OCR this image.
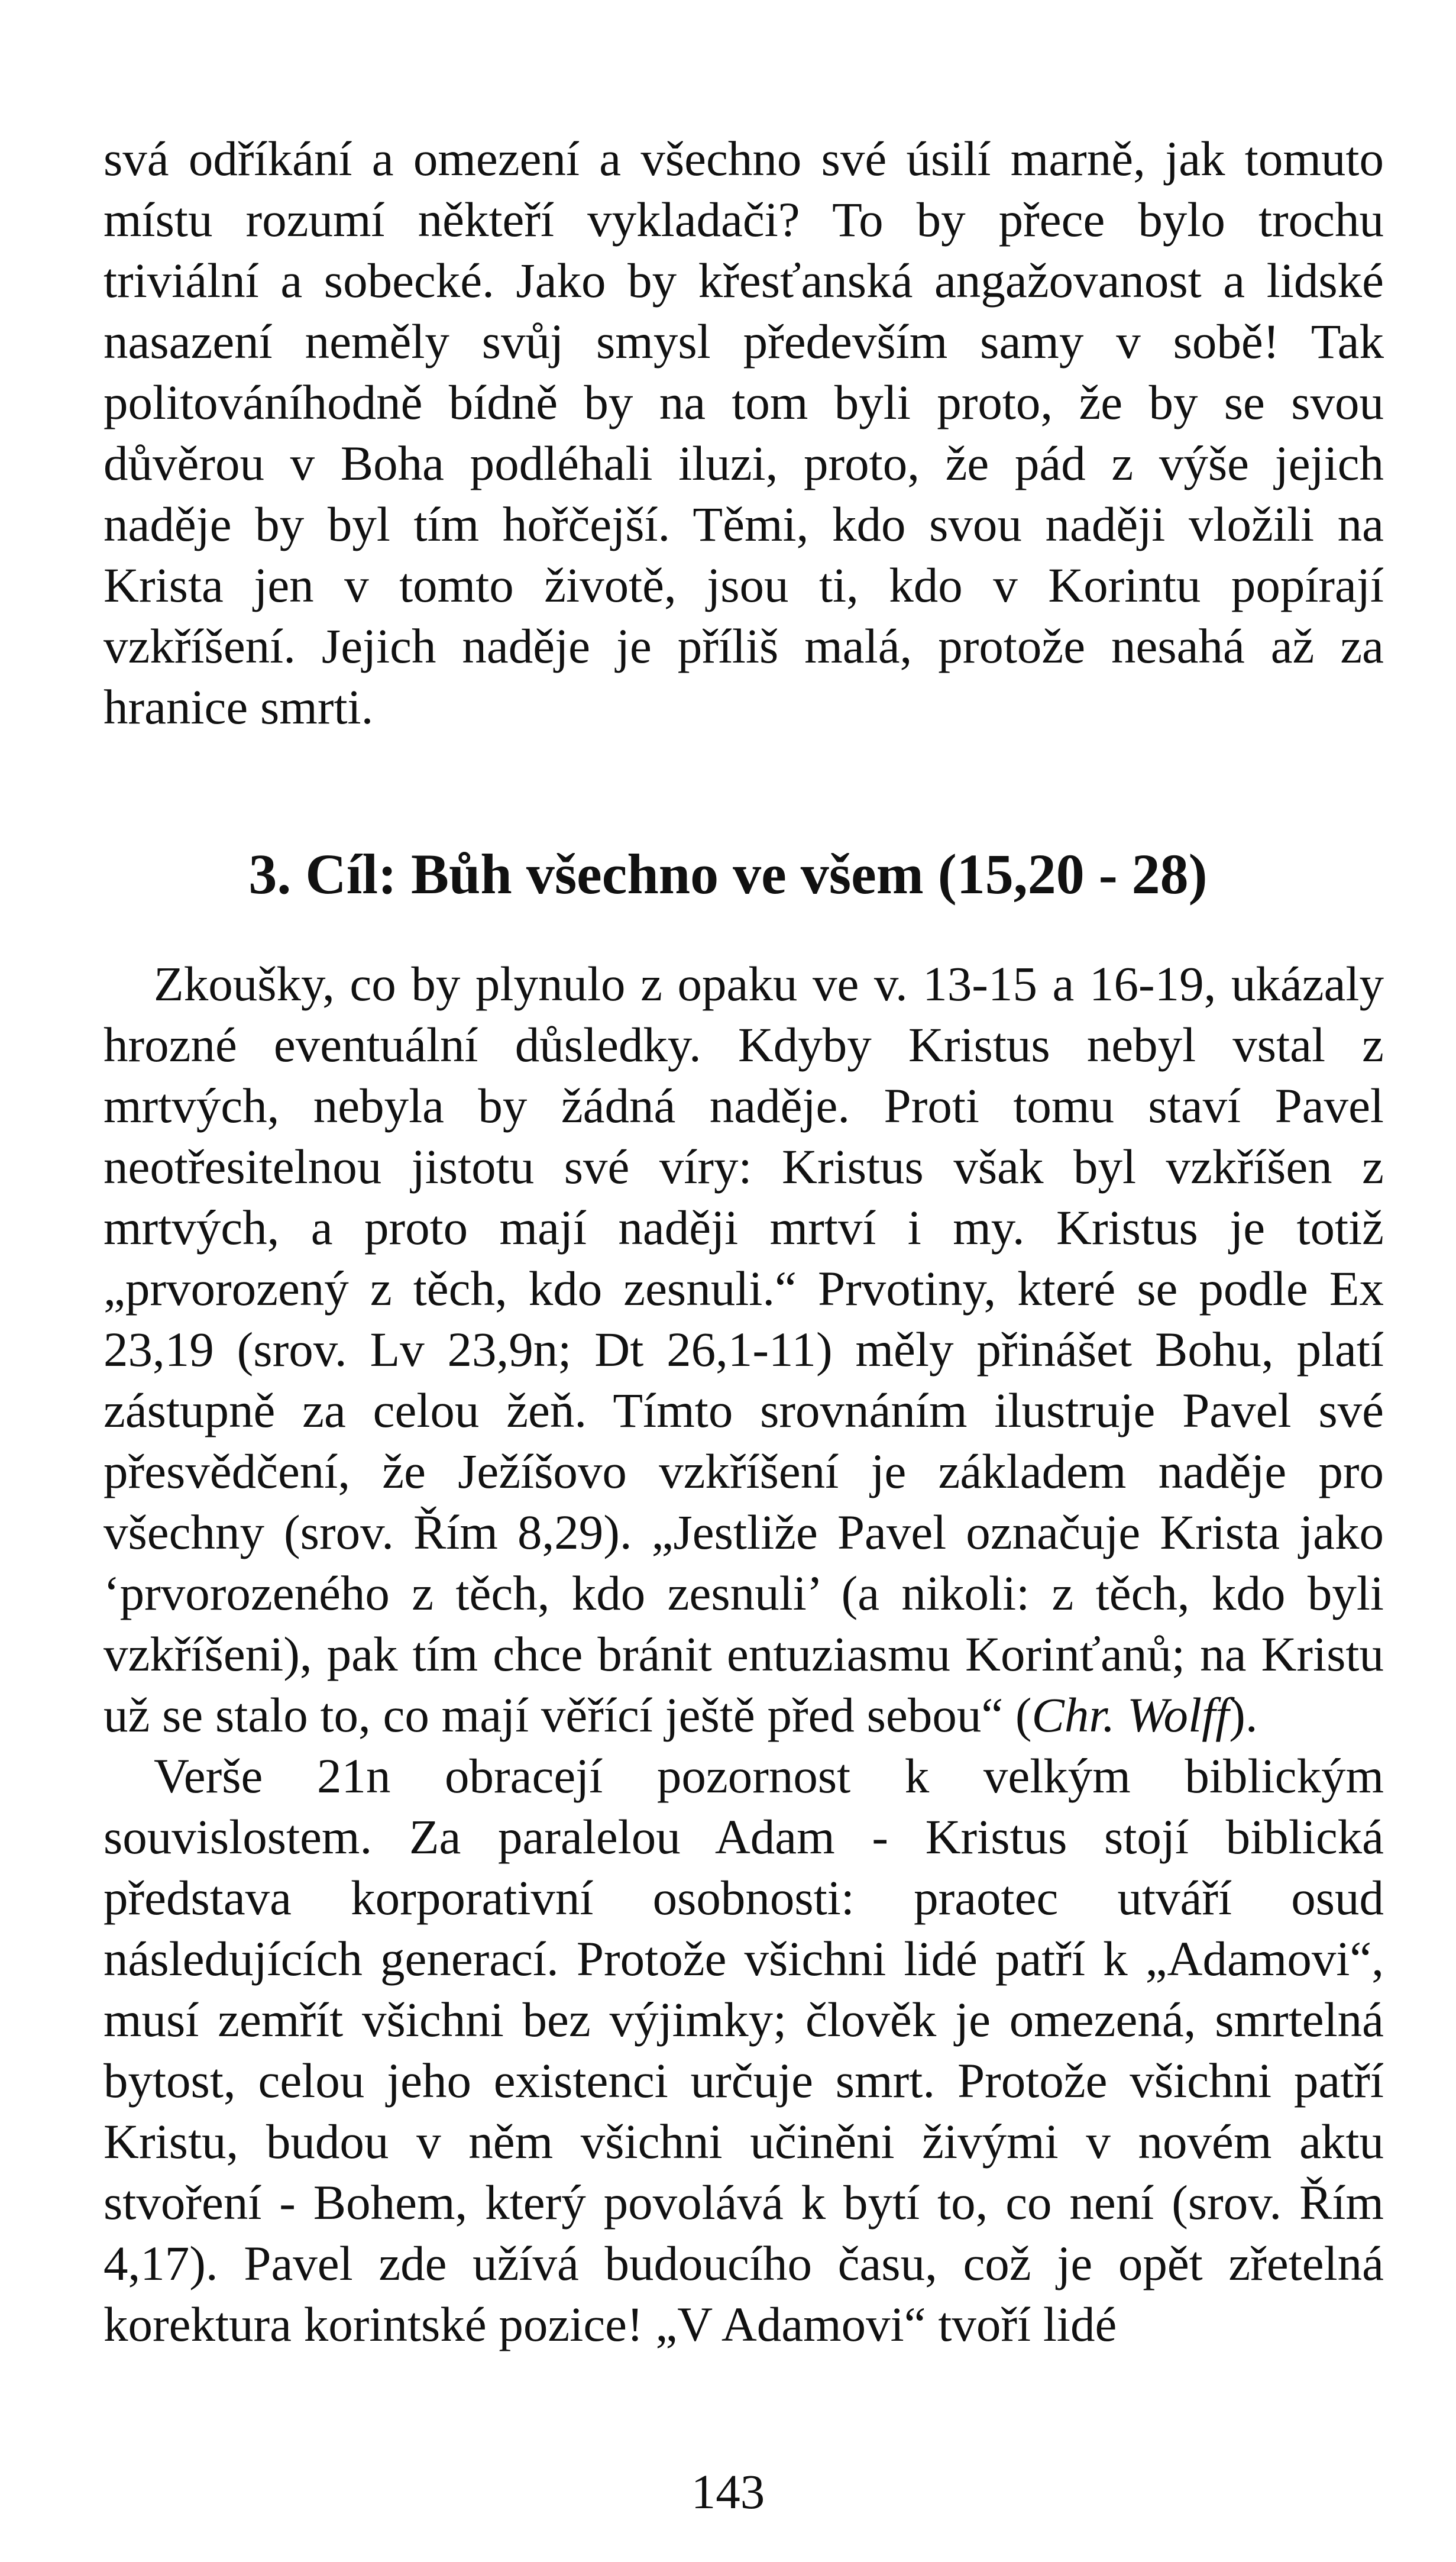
svá odříkání a omezení a všechno své úsilí marně, jak tomuto místu rozumí někteří vykladači? To by přece bylo trochu triviální a sobecké. Jako by křesťanská angažovanost a lidské nasazení neměly svůj smysl především samy v sobě! Tak politováníhodně bídně by na tom byli proto, že by se svou důvěrou v Boha podléhali iluzi, proto, že pád z výše jejich naděje by byl tím hořčejší. Těmi, kdo svou naději vložili na Krista jen v tomto životě, jsou ti, kdo v Korintu popírají vzkříšení. Jejich naděje je příliš malá, protože nesahá až za hranice smrti.

3. Cíl: Bůh všechno ve všem (15,20 - 28)

Zkoušky, co by plynulo z opaku ve v. 13-15 a 16-19, ukázaly hrozné eventuální důsledky. Kdyby Kristus nebyl vstal z mrtvých, nebyla by žádná naděje. Proti tomu staví Pavel neotřesitelnou jistotu své víry: Kristus však byl vzkříšen z mrtvých, a proto mají naději mrtví i my. Kristus je totiž „prvorozený z těch, kdo zesnuli.“ Prvotiny, které se podle Ex 23,19 (srov. Lv 23,9n; Dt 26,1-11) měly přinášet Bohu, platí zástupně za celou žeň. Tímto srovnáním ilustruje Pavel své přesvědčení, že Ježíšovo vzkříšení je základem naděje pro všechny (srov. Řím 8,29). „Jestliže Pavel označuje Krista jako ‘prvorozeného z těch, kdo zesnuli’ (a nikoli: z těch, kdo byli vzkříšeni), pak tím chce bránit entuziasmu Korinťanů; na Kristu už se stalo to, co mají věřící ještě před sebou“ (Chr. Wolff).

Verše 21n obracejí pozornost k velkým biblickým souvislostem. Za paralelou Adam - Kristus stojí biblická představa korporativní osobnosti: praotec utváří osud následujících generací. Protože všichni lidé patří k „Adamovi“, musí zemřít všichni bez výjimky; člověk je omezená, smrtelná bytost, celou jeho existenci určuje smrt. Protože všichni patří Kristu, budou v něm všichni učiněni živými v novém aktu stvoření - Bohem, který povolává k bytí to, co není (srov. Řím 4,17). Pavel zde užívá budoucího času, což je opět zřetelná korektura korintské pozice! „V Adamovi“ tvoří lidé

143
